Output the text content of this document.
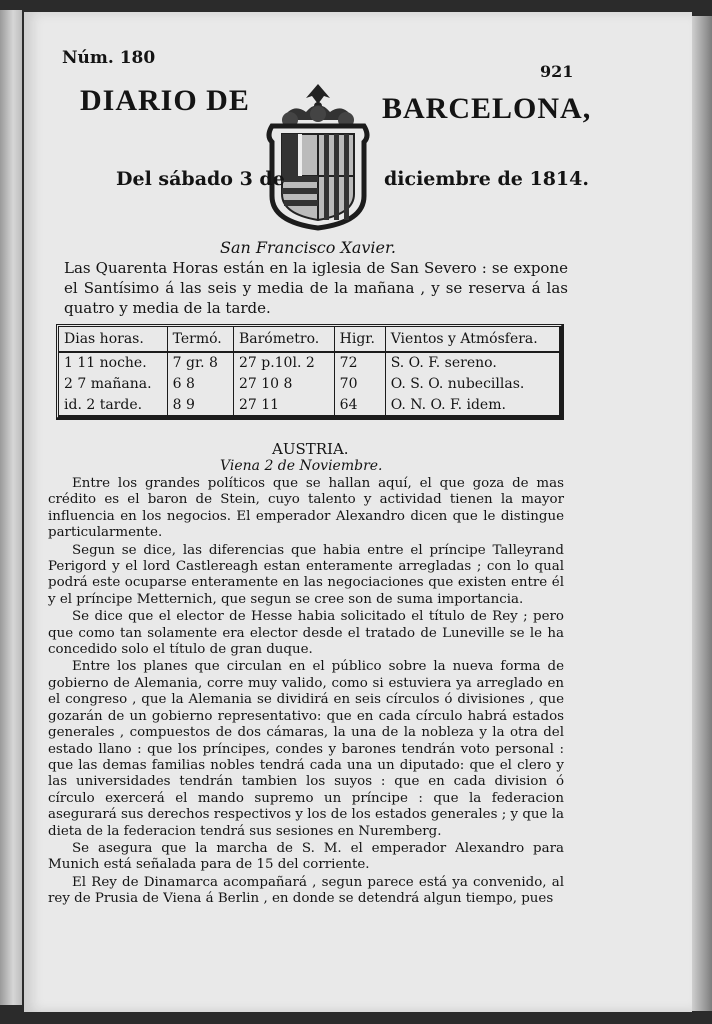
Núm. 180
921
DIARIO DE	BARCELONA,
Del sábado 3 de	diciembre de 1814.
San Francisco Xavier.

Las Quarenta Horas están en la iglesia de San Severo : se expone el Santísimo á las seis y media de la mañana , y se reserva á las quatro y media de la tarde.

Dias horas.	Termó.	Barómetro.	Higr.	Vientos y Atmósfera.
1 11 noche.	7 gr. 8	27 p.10l. 2	72	S. O. F. sereno.
2 7 mañana.	6 8	27 10 8	70	O. S. O. nubecillas.
id. 2 tarde.	8 9	27 11	64	O. N. O. F. idem.
AUSTRIA.
Viena 2 de Noviembre.

Entre los grandes políticos que se hallan aquí, el que goza de mas crédito es el baron de Stein, cuyo talento y actividad tienen la mayor influencia en los negocios. El emperador Alexandro dicen que le distingue particularmente.

Segun se dice, las diferencias que habia entre el príncipe Talleyrand Perigord y el lord Castlereagh estan enteramente arregladas ; con lo qual podrá este ocuparse enteramente en las negociaciones que existen entre él y el príncipe Metternich, que segun se cree son de suma importancia.

Se dice que el elector de Hesse habia solicitado el título de Rey ; pero que como tan solamente era elector desde el tratado de Luneville se le ha concedido solo el título de gran duque.

Entre los planes que circulan en el público sobre la nueva forma de gobierno de Alemania, corre muy valido, como si estuviera ya arreglado en el congreso , que la Alemania se dividirá en seis círculos ó divisiones , que gozarán de un gobierno representativo: que en cada círculo habrá estados generales , compuestos de dos cámaras, la una de la nobleza y la otra del estado llano : que los príncipes, condes y barones tendrán voto personal : que las demas familias nobles tendrá cada una un diputado: que el clero y las universidades tendrán tambien los suyos : que en cada division ó círculo exercerá el mando supremo un príncipe : que la federacion asegurará sus derechos respectivos y los de los estados generales ; y que la dieta de la federacion tendrá sus sesiones en Nuremberg.

Se asegura que la marcha de S. M. el emperador Alexandro para Munich está señalada para de 15 del corriente.

El Rey de Dinamarca acompañará , segun parece está ya convenido, al rey de Prusia de Viena á Berlin , en donde se detendrá algun tiempo, pues
